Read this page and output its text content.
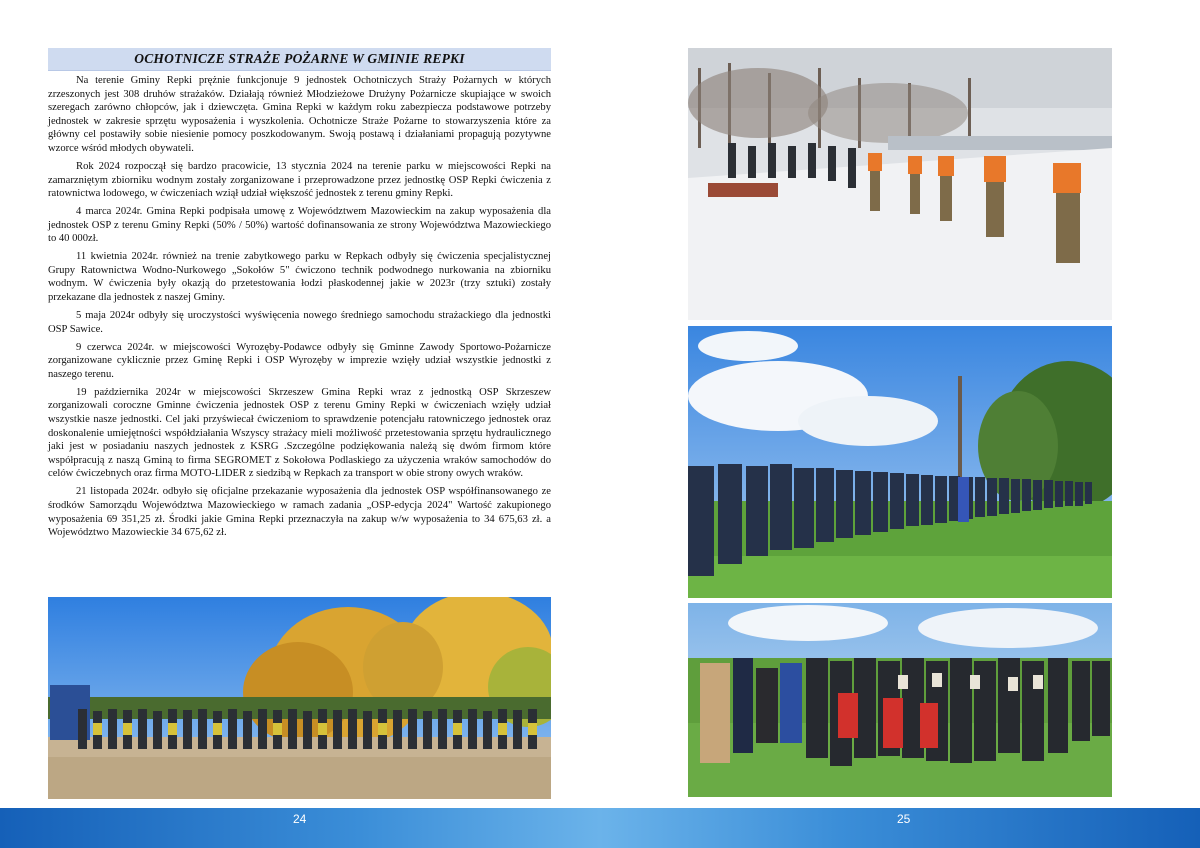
OCHOTNICZE STRAŻE POŻARNE W GMINIE REPKI

Na terenie Gminy Repki prężnie funkcjonuje 9 jednostek Ochotniczych Straży Pożarnych w których zrzeszonych jest 308 druhów strażaków. Działają również Młodzieżowe Drużyny Pożarnicze skupiające w swoich szeregach zarówno chłopców, jak i dziewczęta. Gmina Repki w każdym roku zabezpiecza podstawowe potrzeby jednostek w zakresie sprzętu wyposażenia i wyszkolenia. Ochotnicze Straże Pożarne to stowarzyszenia które za główny cel postawiły sobie niesienie pomocy poszkodowanym. Swoją postawą i działaniami propagują pozytywne wzorce wśród młodych obywateli.

Rok 2024 rozpoczął się bardzo pracowicie, 13 stycznia 2024 na terenie parku w miejscowości Repki na zamarzniętym zbiorniku wodnym zostały zorganizowane i przeprowadzone przez jednostkę OSP Repki ćwiczenia z ratownictwa lodowego, w ćwiczeniach wziął udział większość jednostek z terenu gminy Repki.

4 marca 2024r. Gmina Repki podpisała umowę z Województwem Mazowieckim na zakup wyposażenia dla jednostek OSP z terenu Gminy Repki (50% / 50%) wartość dofinansowania ze strony Województwa Mazowieckiego to 40 000zł.

11 kwietnia 2024r. również na trenie zabytkowego parku w Repkach odbyły się ćwiczenia specjalistycznej Grupy Ratownictwa Wodno-Nurkowego „Sokołów 5" ćwiczono technik podwodnego nurkowania na zbiorniku wodnym. W ćwiczenia były okazją do przetestowania łodzi płaskodennej jakie w 2023r (trzy sztuki) zostały przekazane dla jednostek z naszej Gminy.

5 maja 2024r odbyły się uroczystości wyświęcenia nowego średniego samochodu strażackiego dla jednostki OSP Sawice.

9 czerwca 2024r. w miejscowości Wyrozęby-Podawce odbyły się Gminne Zawody Sportowo-Pożarnicze zorganizowane cyklicznie przez Gminę Repki i OSP Wyrozęby w imprezie wzięły udział wszystkie jednostki z naszego terenu.

19 października 2024r w miejscowości Skrzeszew Gmina Repki wraz z jednostką OSP Skrzeszew zorganizowali coroczne Gminne ćwiczenia jednostek OSP z terenu Gminy Repki w ćwiczeniach wzięły udział wszystkie nasze jednostki. Cel jaki przyświecał ćwiczeniom to sprawdzenie potencjału ratowniczego jednostek oraz doskonalenie umiejętności współdziałania Wszyscy strażacy mieli możliwość przetestowania sprzętu hydraulicznego jaki jest w posiadaniu naszych jednostek z KSRG .Szczególne podziękowania należą się dwóm firmom które współpracują z naszą Gminą to firma SEGROMET z Sokołowa Podlaskiego za użyczenia wraków samochodów do celów ćwiczebnych oraz firma MOTO-LIDER z siedzibą w Repkach za transport w obie strony owych wraków.

21 listopada 2024r. odbyło się oficjalne przekazanie wyposażenia dla jednostek OSP współfinansowanego ze środków Samorządu Województwa Mazowieckiego w ramach zadania „OSP-edycja 2024" Wartość zakupionego wyposażenia 69 351,25 zł. Środki jakie Gmina Repki przeznaczyła na zakup w/w wyposażenia to 34 675,63 zł. a Województwo Mazowieckie 34 675,62 zł.

24	25
